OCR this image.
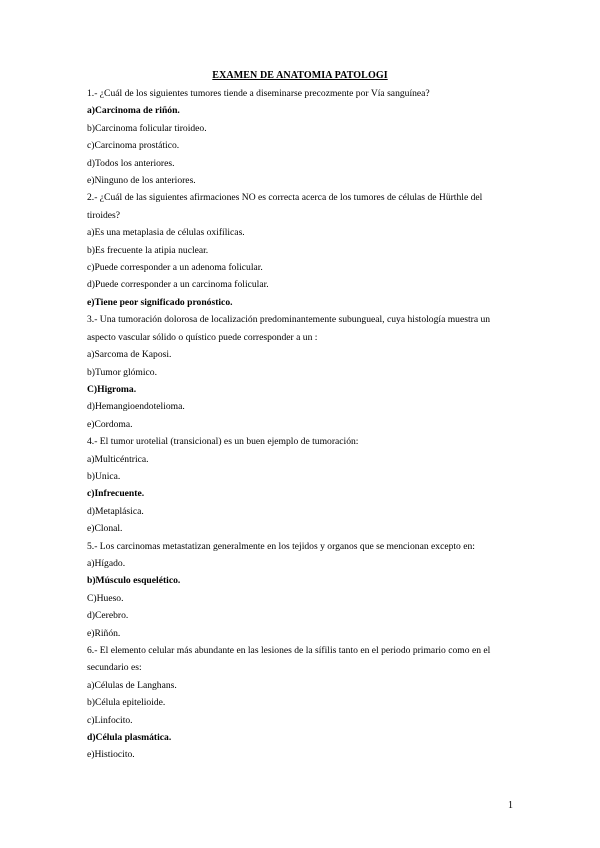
EXAMEN DE ANATOMIA PATOLOGI
1.- ¿Cuál de los siguientes tumores tiende a diseminarse precozmente por Vía sanguínea?
a)Carcinoma de riñón.
b)Carcinoma folicular tiroideo.
c)Carcinoma prostático.
d)Todos los anteriores.
e)Ninguno de los anteriores.
2.- ¿Cuál de las siguientes afirmaciones NO es correcta acerca de los tumores de células de Hürthle del
tiroides?
a)Es una metaplasia de células oxifílicas.
b)Es frecuente la atipia nuclear.
c)Puede corresponder a un adenoma folicular.
d)Puede corresponder a un carcinoma folicular.
e)Tiene peor significado pronóstico.
3.- Una tumoración dolorosa de localización predominantemente subungueal, cuya histología muestra un
aspecto vascular sólido o quístico puede corresponder a un :
a)Sarcoma de Kaposi.
b)Tumor glómico.
C)Higroma.
d)Hemangioendotelioma.
e)Cordoma.
4.- El tumor urotelial (transicional) es un buen ejemplo de tumoración:
a)Multicéntrica.
b)Unica.
c)Infrecuente.
d)Metaplásica.
e)Clonal.
5.- Los carcinomas metastatizan generalmente en los tejidos y organos que se mencionan excepto en:
a)Hígado.
b)Músculo esquelético.
C)Hueso.
d)Cerebro.
e)Riñón.
6.- El elemento celular más abundante en las lesiones de la sífilis tanto en el periodo primario como en el
secundario es:
a)Células de Langhans.
b)Célula epitelioide.
c)Linfocito.
d)Célula plasmática.
e)Histiocito.
1
